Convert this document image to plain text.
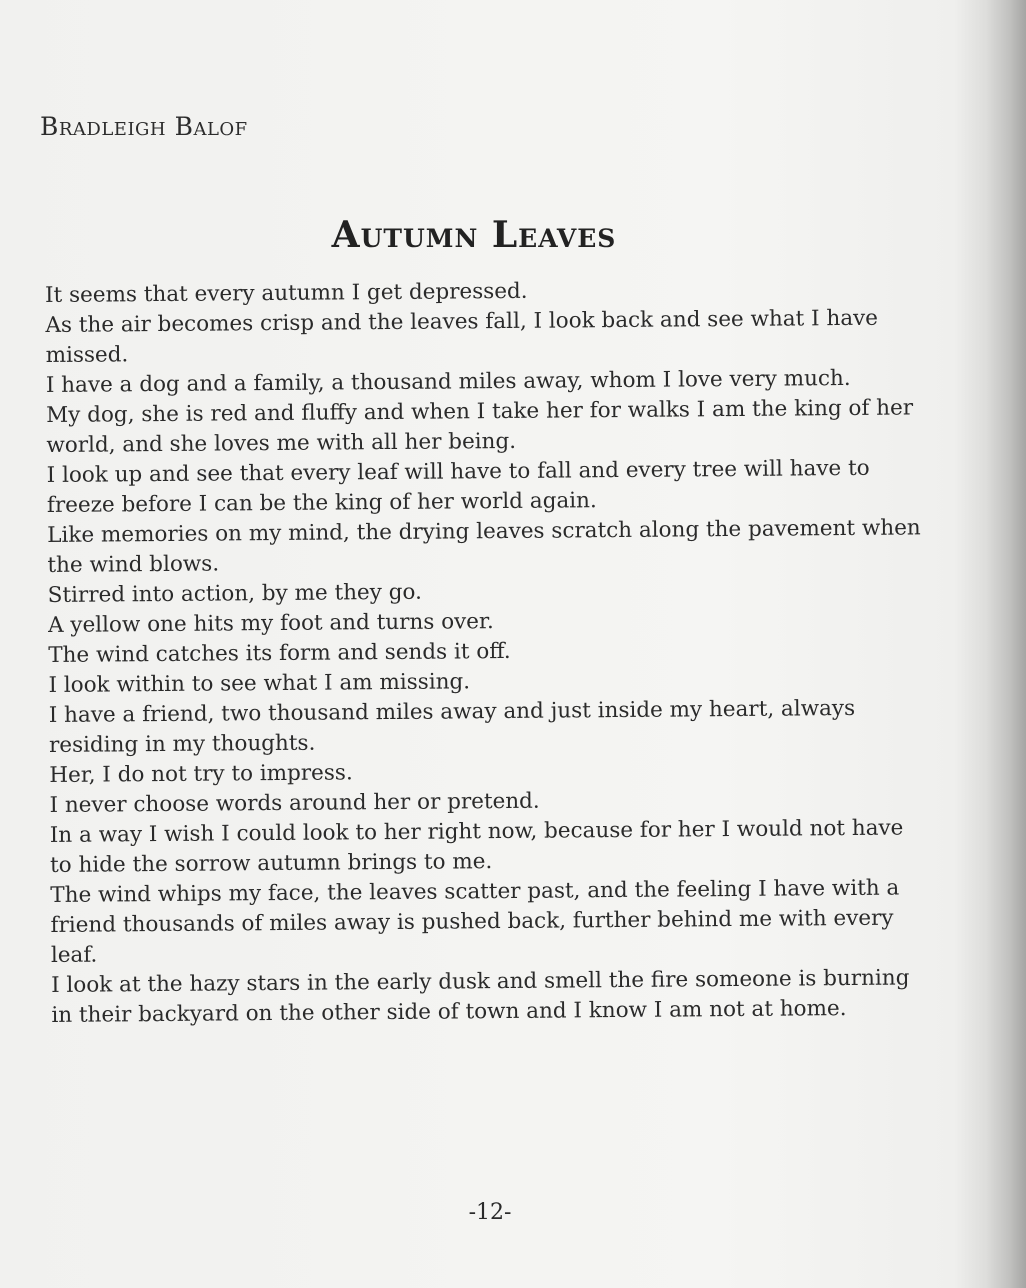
Bradleigh Balof
Autumn Leaves
It seems that every autumn I get depressed.
As the air becomes crisp and the leaves fall, I look back and see what I have missed.
I have a dog and a family, a thousand miles away, whom I love very much.
My dog, she is red and fluffy and when I take her for walks I am the king of her world, and she loves me with all her being.
I look up and see that every leaf will have to fall and every tree will have to freeze before I can be the king of her world again.
Like memories on my mind, the drying leaves scratch along the pavement when the wind blows.
Stirred into action, by me they go.
A yellow one hits my foot and turns over.
The wind catches its form and sends it off.
I look within to see what I am missing.
I have a friend, two thousand miles away and just inside my heart, always residing in my thoughts.
Her, I do not try to impress.
I never choose words around her or pretend.
In a way I wish I could look to her right now, because for her I would not have to hide the sorrow autumn brings to me.
The wind whips my face, the leaves scatter past, and the feeling I have with a friend thousands of miles away is pushed back, further behind me with every leaf.
I look at the hazy stars in the early dusk and smell the fire someone is burning in their backyard on the other side of town and I know I am not at home.
-12-
